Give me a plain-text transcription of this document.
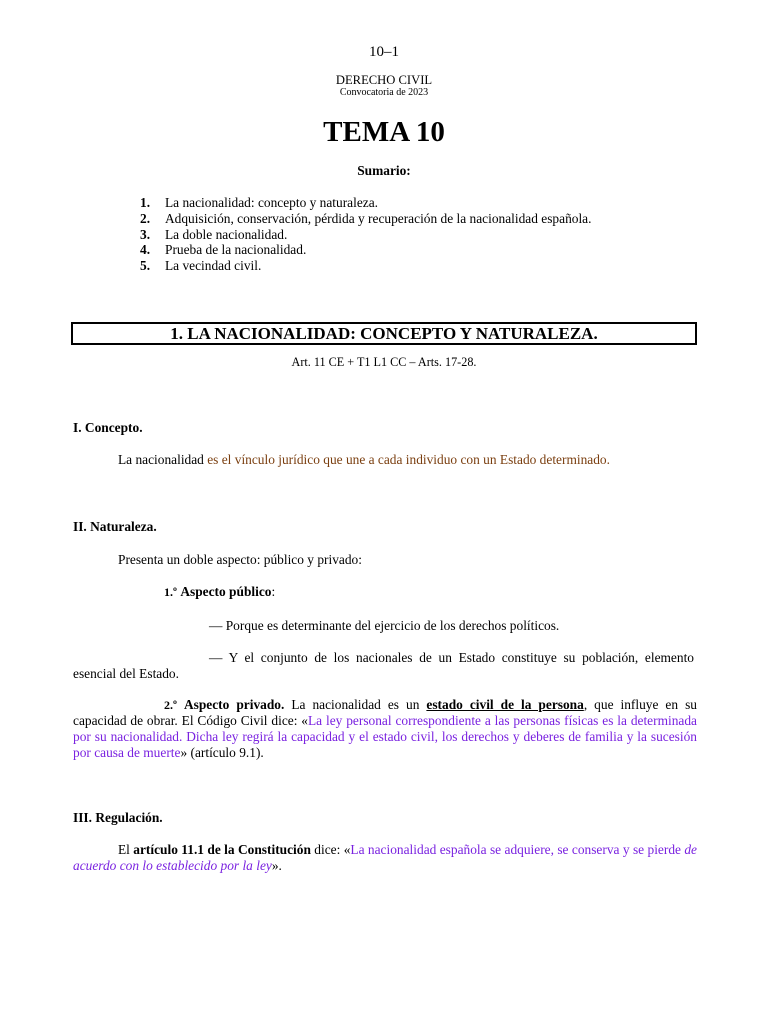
10–1
DERECHO CIVIL
Convocatoria de 2023
TEMA 10
Sumario:
1. La nacionalidad: concepto y naturaleza.
2. Adquisición, conservación, pérdida y recuperación de la nacionalidad española.
3. La doble nacionalidad.
4. Prueba de la nacionalidad.
5. La vecindad civil.
1. LA NACIONALIDAD: CONCEPTO Y NATURALEZA.
Art. 11 CE + T1 L1 CC – Arts. 17-28.
I. Concepto.
La nacionalidad es el vínculo jurídico que une a cada individuo con un Estado determinado.
II. Naturaleza.
Presenta un doble aspecto: público y privado:
1.º Aspecto público:
— Porque es determinante del ejercicio de los derechos políticos.
— Y el conjunto de los nacionales de un Estado constituye su población, elemento
esencial del Estado.
2.º Aspecto privado. La nacionalidad es un estado civil de la persona, que influye en su capacidad de obrar. El Código Civil dice: «La ley personal correspondiente a las personas físicas es la determinada por su nacionalidad. Dicha ley regirá la capacidad y el estado civil, los derechos y deberes de familia y la sucesión por causa de muerte» (artículo 9.1).
III. Regulación.
El artículo 11.1 de la Constitución dice: «La nacionalidad española se adquiere, se conserva y se pierde de acuerdo con lo establecido por la ley».
